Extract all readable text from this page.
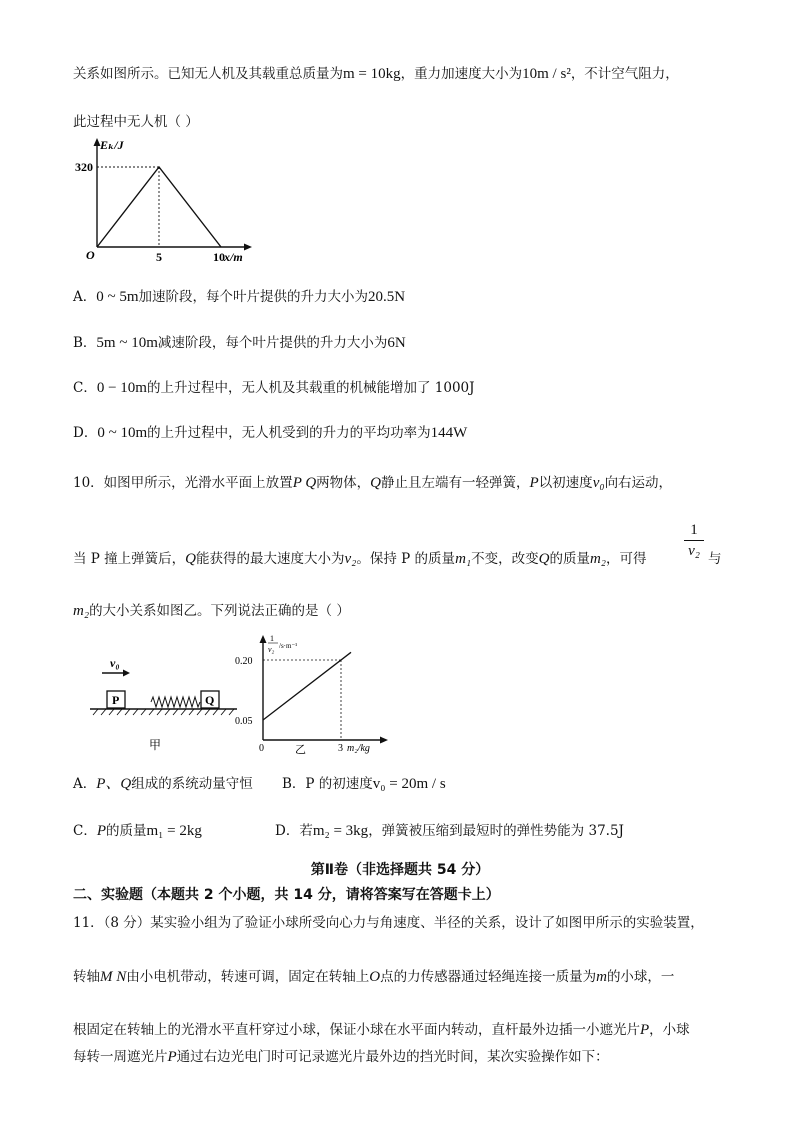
关系如图所示。已知无人机及其载重总质量为m = 10kg，重力加速度大小为10m / s²，不计空气阻力，
此过程中无人机（ ）
Eₖ/J
320
O	5	10 x/m
A．0 ~ 5m加速阶段，每个叶片提供的升力大小为20.5N
B．5m ~ 10m减速阶段，每个叶片提供的升力大小为6N
C．0 − 10m的上升过程中，无人机及其载重的机械能增加了 1000J
D．0 ~ 10m的上升过程中，无人机受到的升力的平均功率为144W
10．如图甲所示，光滑水平面上放置P Q两物体，Q静止且左端有一轻弹簧，P以初速度v₀向右运动，
当 P 撞上弹簧后，Q能获得的最大速度大小为v₂。保持 P 的质量m₁不变，改变Q的质量m₂，可得 $\frac{1}{\text{v₂}}$ 与
m₂的大小关系如图乙。下列说法正确的是（ ）
v₀
P	Q
甲
1
v₂ /s·m⁻¹
0.20
0.05
0	3 m₂/kg
乙
A．P、Q组成的系统动量守恒 B．P 的初速度v₀ = 20m / s
C．P的质量m₁ = 2kg	D．若m₂ = 3kg，弹簧被压缩到最短时的弹性势能为 37.5J
第Ⅱ卷（非选择题共 54 分）
二、实验题（本题共 2 个小题，共 14 分，请将答案写在答题卡上）
11．（8 分）某实验小组为了验证小球所受向心力与角速度、半径的关系，设计了如图甲所示的实验装置，
转轴M N由小电机带动，转速可调，固定在转轴上O点的力传感器通过轻绳连接一质量为m的小球，一
根固定在转轴上的光滑水平直杆穿过小球，保证小球在水平面内转动，直杆最外边插一小遮光片P，小球
每转一周遮光片P通过右边光电门时可记录遮光片最外边的挡光时间，某次实验操作如下：
